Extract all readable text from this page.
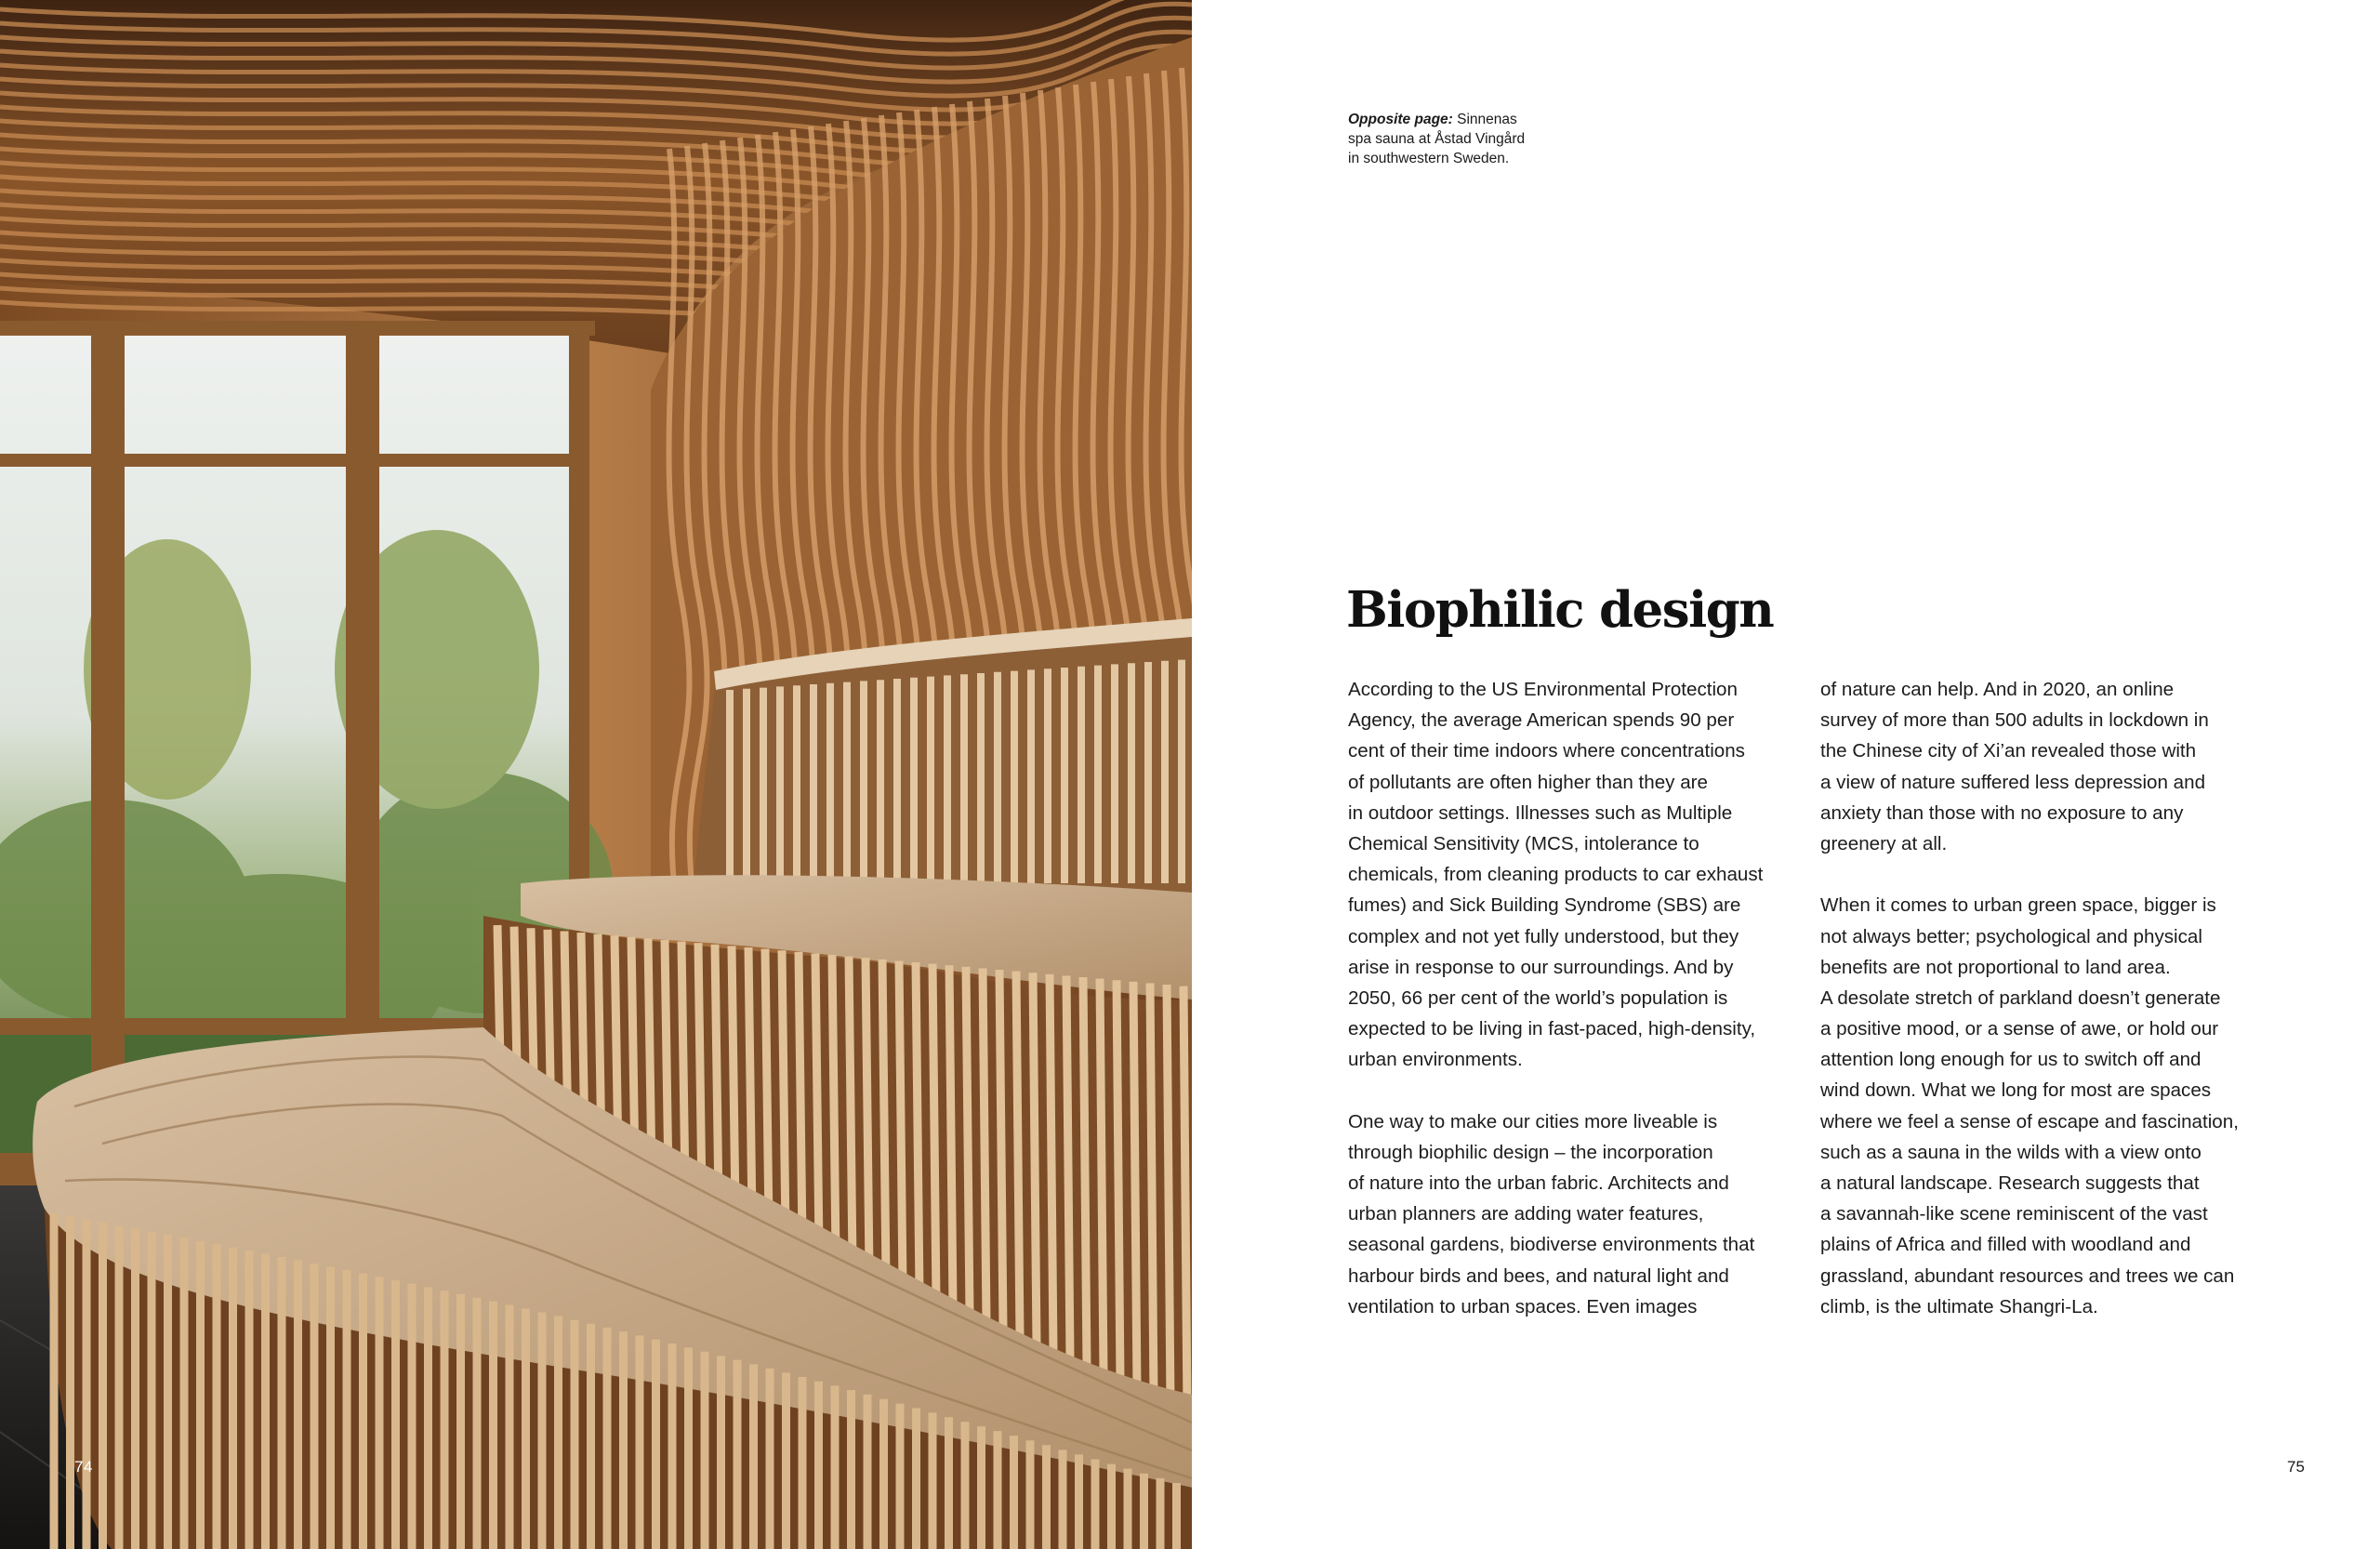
74
Opposite page: Sinnenas
spa sauna at Åstad Vingård
in southwestern Sweden.
Biophilic design
According to the US Environmental Protection
Agency, the average American spends 90 per
cent of their time indoors where concentrations
of pollutants are often higher than they are
in outdoor settings. Illnesses such as Multiple
Chemical Sensitivity (MCS, intolerance to
chemicals, from cleaning products to car exhaust
fumes) and Sick Building Syndrome (SBS) are
complex and not yet fully understood, but they
arise in response to our surroundings. And by
2050, 66 per cent of the world’s population is
expected to be living in fast-paced, high-density,
urban environments.
One way to make our cities more liveable is
through biophilic design – the incorporation
of nature into the urban fabric. Architects and
urban planners are adding water features,
seasonal gardens, biodiverse environments that
harbour birds and bees, and natural light and
ventilation to urban spaces. Even images
of nature can help. And in 2020, an online
survey of more than 500 adults in lockdown in
the Chinese city of Xi’an revealed those with
a view of nature suffered less depression and
anxiety than those with no exposure to any
greenery at all.
When it comes to urban green space, bigger is
not always better; psychological and physical
benefits are not proportional to land area.
A desolate stretch of parkland doesn’t generate
a positive mood, or a sense of awe, or hold our
attention long enough for us to switch off and
wind down. What we long for most are spaces
where we feel a sense of escape and fascination,
such as a sauna in the wilds with a view onto
a natural landscape. Research suggests that
a savannah-like scene reminiscent of the vast
plains of Africa and filled with woodland and
grassland, abundant resources and trees we can
climb, is the ultimate Shangri-La.
75
